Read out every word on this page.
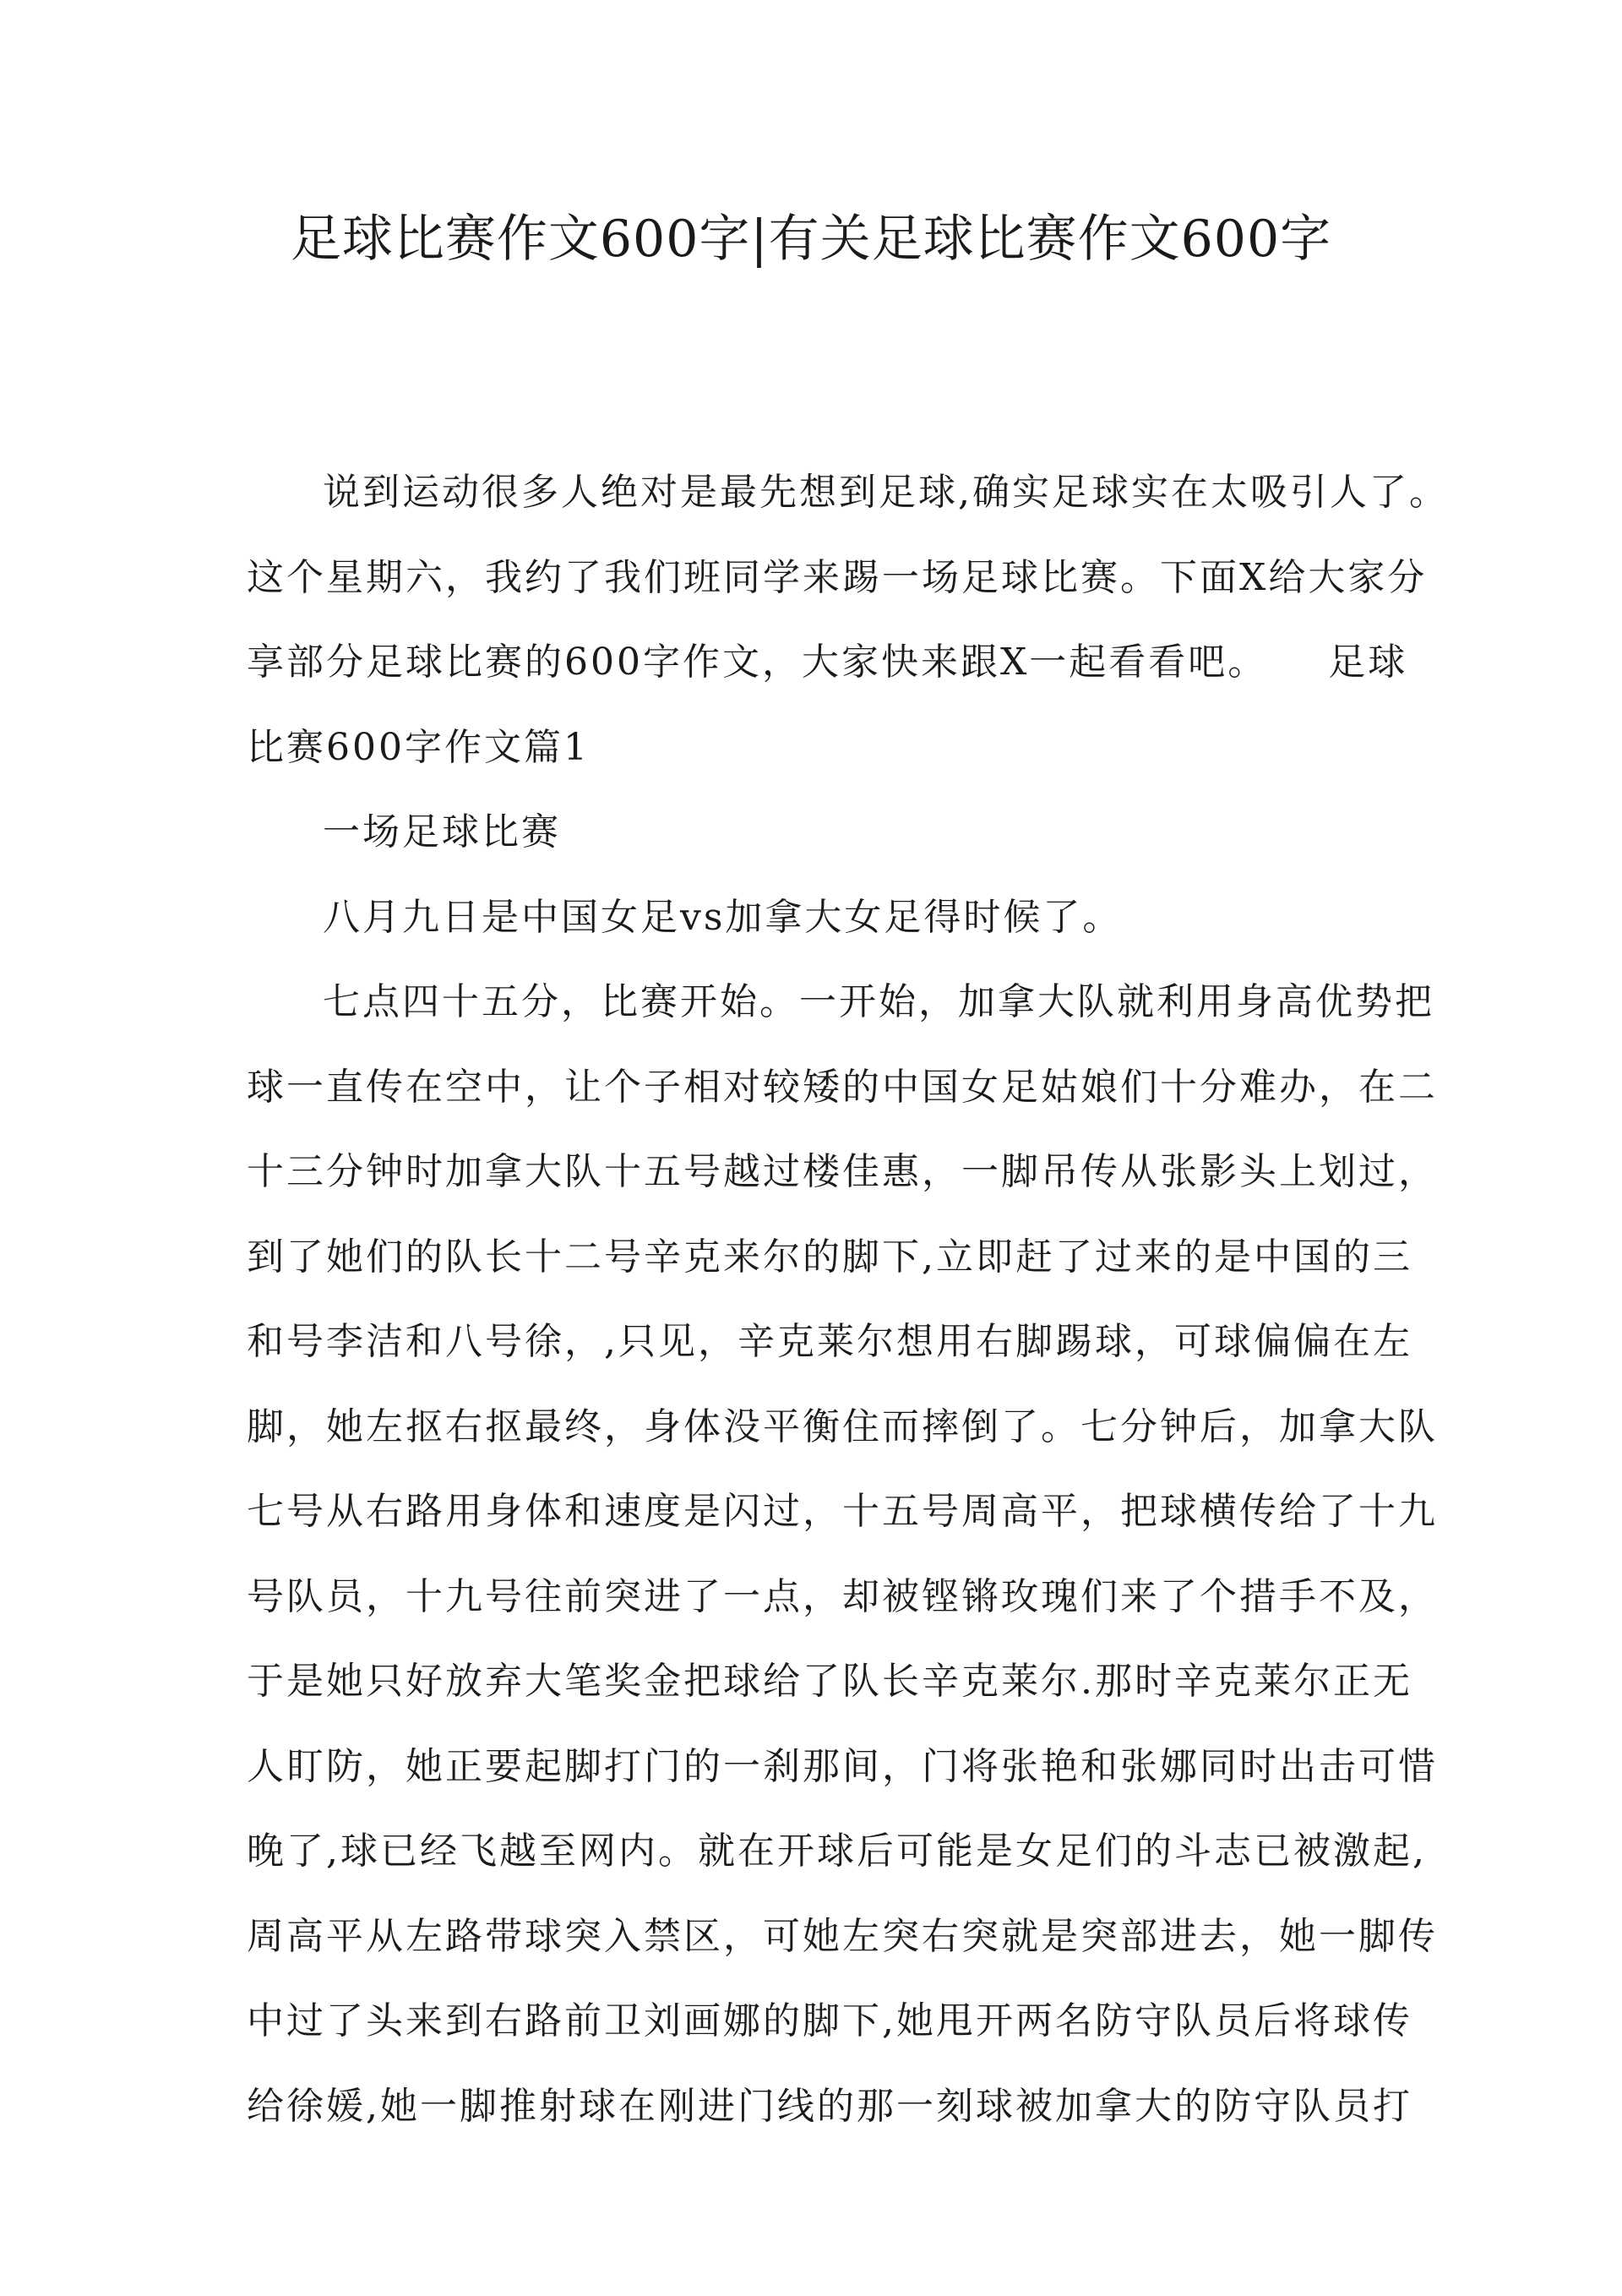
足球比赛作文600字|有关足球比赛作文600字
说到运动很多人绝对是最先想到足球,确实足球实在太吸引人了。
这个星期六，我约了我们班同学来踢一场足球比赛。下面X给大家分
享部分足球比赛的600字作文，大家快来跟X一起看看吧。　　足球
比赛600字作文篇1
一场足球比赛
八月九日是中国女足vs加拿大女足得时候了。
七点四十五分，比赛开始。一开始，加拿大队就利用身高优势把
球一直传在空中，让个子相对较矮的中国女足姑娘们十分难办，在二
十三分钟时加拿大队十五号越过楼佳惠，一脚吊传从张影头上划过，
到了她们的队长十二号辛克来尔的脚下,立即赶了过来的是中国的三
和号李洁和八号徐，,只见，辛克莱尔想用右脚踢球，可球偏偏在左
脚，她左抠右抠最终，身体没平衡住而摔倒了。七分钟后，加拿大队
七号从右路用身体和速度是闪过，十五号周高平，把球横传给了十九
号队员，十九号往前突进了一点，却被铿锵玫瑰们来了个措手不及，
于是她只好放弃大笔奖金把球给了队长辛克莱尔.那时辛克莱尔正无
人盯防，她正要起脚打门的一刹那间，门将张艳和张娜同时出击可惜
晚了,球已经飞越至网内。就在开球后可能是女足们的斗志已被激起,
周高平从左路带球突入禁区，可她左突右突就是突部进去，她一脚传
中过了头来到右路前卫刘画娜的脚下,她甩开两名防守队员后将球传
给徐媛,她一脚推射球在刚进门线的那一刻球被加拿大的防守队员打
